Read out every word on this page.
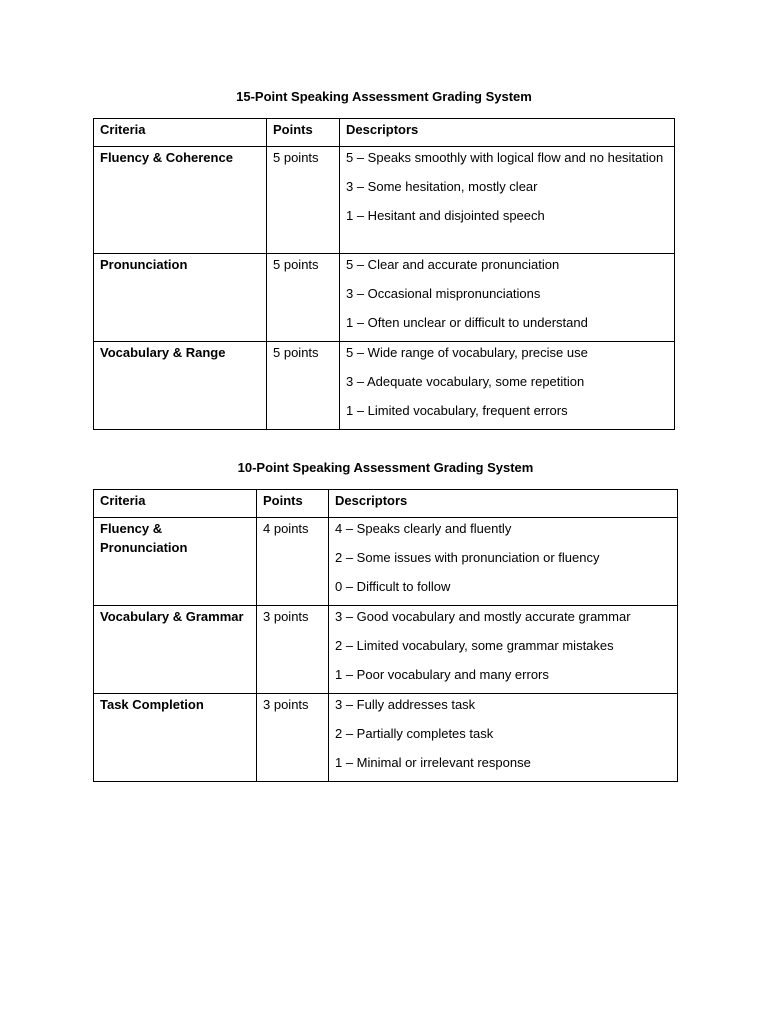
15-Point Speaking Assessment Grading System
Criteria	Points	Descriptors
Fluency & Coherence	5 points	5 – Speaks smoothly with logical flow and no hesitation
3 – Some hesitation, mostly clear
1 – Hesitant and disjointed speech

Pronunciation	5 points	5 – Clear and accurate pronunciation
3 – Occasional mispronunciations
1 – Often unclear or difficult to understand

Vocabulary & Range	5 points	5 – Wide range of vocabulary, precise use
3 – Adequate vocabulary, some repetition
1 – Limited vocabulary, frequent errors
10-Point Speaking Assessment Grading System
Criteria	Points	Descriptors
Fluency & Pronunciation	4 points	4 – Speaks clearly and fluently
2 – Some issues with pronunciation or fluency
0 – Difficult to follow

Vocabulary & Grammar	3 points	3 – Good vocabulary and mostly accurate grammar
2 – Limited vocabulary, some grammar mistakes
1 – Poor vocabulary and many errors

Task Completion	3 points	3 – Fully addresses task
2 – Partially completes task
1 – Minimal or irrelevant response
